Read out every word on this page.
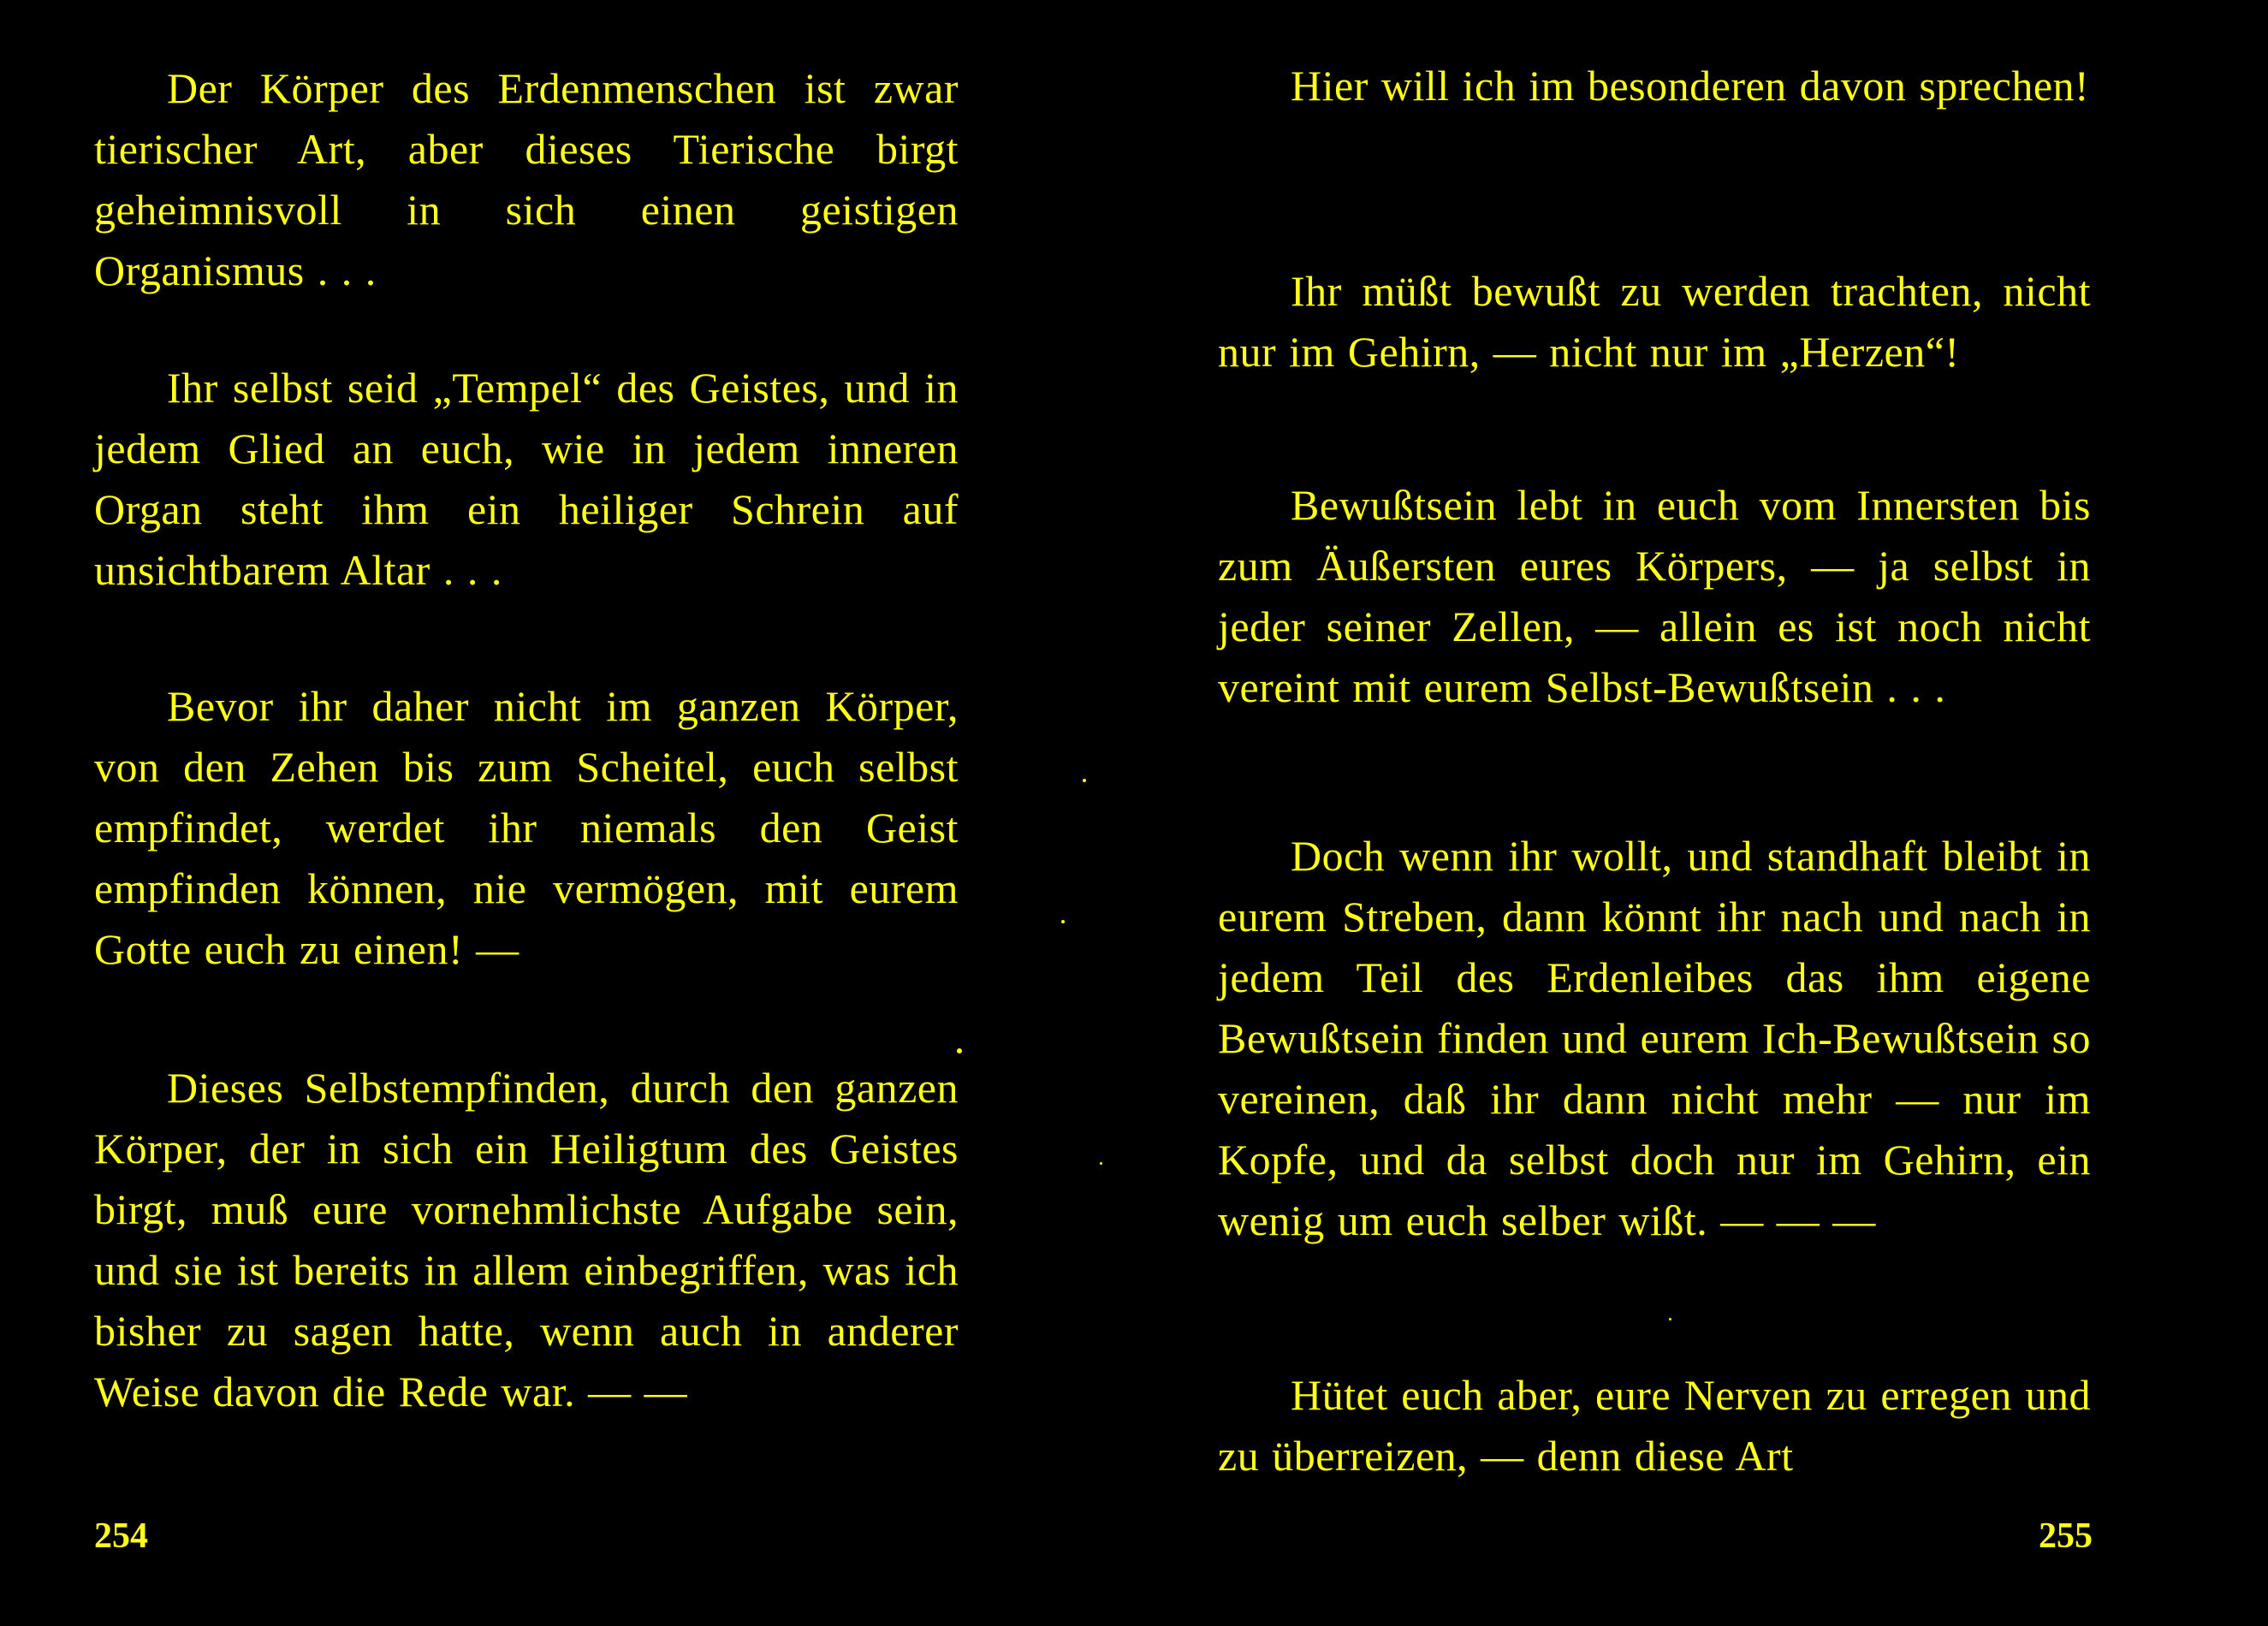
Der Körper des Erdenmenschen ist zwar tierischer Art, aber dieses Tierische birgt geheimnisvoll in sich einen geistigen Organismus . . .

Ihr selbst seid „Tempel“ des Geistes, und in jedem Glied an euch, wie in jedem inneren Organ steht ihm ein heiliger Schrein auf unsichtbarem Altar . . .

Bevor ihr daher nicht im ganzen Körper, von den Zehen bis zum Scheitel, euch selbst empfindet, werdet ihr niemals den Geist empfinden können, nie vermögen, mit eurem Gotte euch zu einen! —

Dieses Selbstempfinden, durch den ganzen Körper, der in sich ein Heiligtum des Geistes birgt, muß eure vornehmlichste Aufgabe sein, und sie ist bereits in allem einbegriffen, was ich bisher zu sagen hatte, wenn auch in anderer Weise davon die Rede war. — —

254

Hier will ich im besonderen davon sprechen!

Ihr müßt bewußt zu werden trachten, nicht nur im Gehirn, — nicht nur im „Herzen“!

Bewußtsein lebt in euch vom Innersten bis zum Äußersten eures Körpers, — ja selbst in jeder seiner Zellen, — allein es ist noch nicht vereint mit eurem Selbst-Bewußtsein . . .

Doch wenn ihr wollt, und standhaft bleibt in eurem Streben, dann könnt ihr nach und nach in jedem Teil des Erdenleibes das ihm eigene Bewußtsein finden und eurem Ich-Bewußtsein so vereinen, daß ihr dann nicht mehr — nur im Kopfe, und da selbst doch nur im Gehirn, ein wenig um euch selber wißt. — — —

Hütet euch aber, eure Nerven zu erregen und zu überreizen, — denn diese Art

255
